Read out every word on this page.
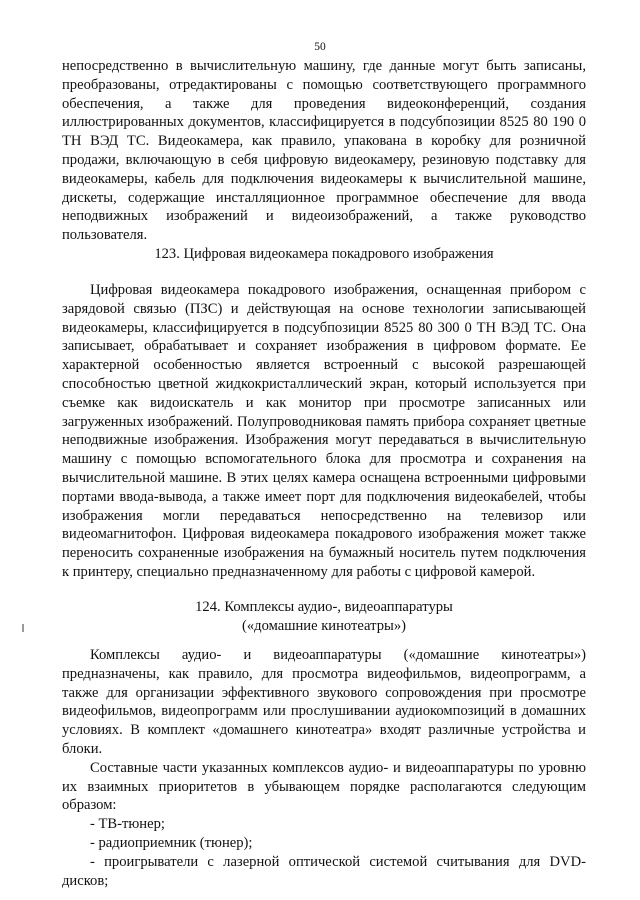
50

непосредственно в вычислительную машину, где данные могут быть записаны, преобразованы, отредактированы с помощью соответствующего программного обеспечения, а также для проведения видеоконференций, создания иллюстрированных документов, классифицируется в подсубпозиции 8525 80 190 0 ТН ВЭД ТС. Видеокамера, как правило, упакована в коробку для розничной продажи, включающую в себя цифровую видеокамеру, резиновую подставку для видеокамеры, кабель для подключения видеокамеры к вычислительной машине, дискеты, содержащие инсталляционное программное обеспечение для ввода неподвижных изображений и видеоизображений, а также руководство пользователя.

123. Цифровая видеокамера покадрового изображения

Цифровая видеокамера покадрового изображения, оснащенная прибором с зарядовой связью (ПЗС) и действующая на основе технологии записывающей видеокамеры, классифицируется в подсубпозиции 8525 80 300 0 ТН ВЭД ТС. Она записывает, обрабатывает и сохраняет изображения в цифровом формате. Ее характерной особенностью является встроенный с высокой разрешающей способностью цветной жидкокристаллический экран, который используется при съемке как видоискатель и как монитор при просмотре записанных или загруженных изображений. Полупроводниковая память прибора сохраняет цветные неподвижные изображения. Изображения могут передаваться в вычислительную машину с помощью вспомогательного блока для просмотра и сохранения на вычислительной машине. В этих целях камера оснащена встроенными цифровыми портами ввода-вывода, а также имеет порт для подключения видеокабелей, чтобы изображения могли передаваться непосредственно на телевизор или видеомагнитофон. Цифровая видеокамера покадрового изображения может также переносить сохраненные изображения на бумажный носитель путем подключения к принтеру, специально предназначенному для работы с цифровой камерой.

124. Комплексы аудио-, видеоаппаратуры
(«домашние кинотеатры»)

Комплексы аудио- и видеоаппаратуры («домашние кинотеатры») предназначены, как правило, для просмотра видеофильмов, видеопрограмм, а также для организации эффективного звукового сопровождения при просмотре видеофильмов, видеопрограмм или прослушивании аудиокомпозиций в домашних условиях. В комплект «домашнего кинотеатра» входят различные устройства и блоки.

Составные части указанных комплексов аудио- и видеоаппаратуры по уровню их взаимных приоритетов в убывающем порядке располагаются следующим образом:

- ТВ-тюнер;

- радиоприемник (тюнер);

- проигрыватели с лазерной оптической системой считывания для DVD-дисков;
